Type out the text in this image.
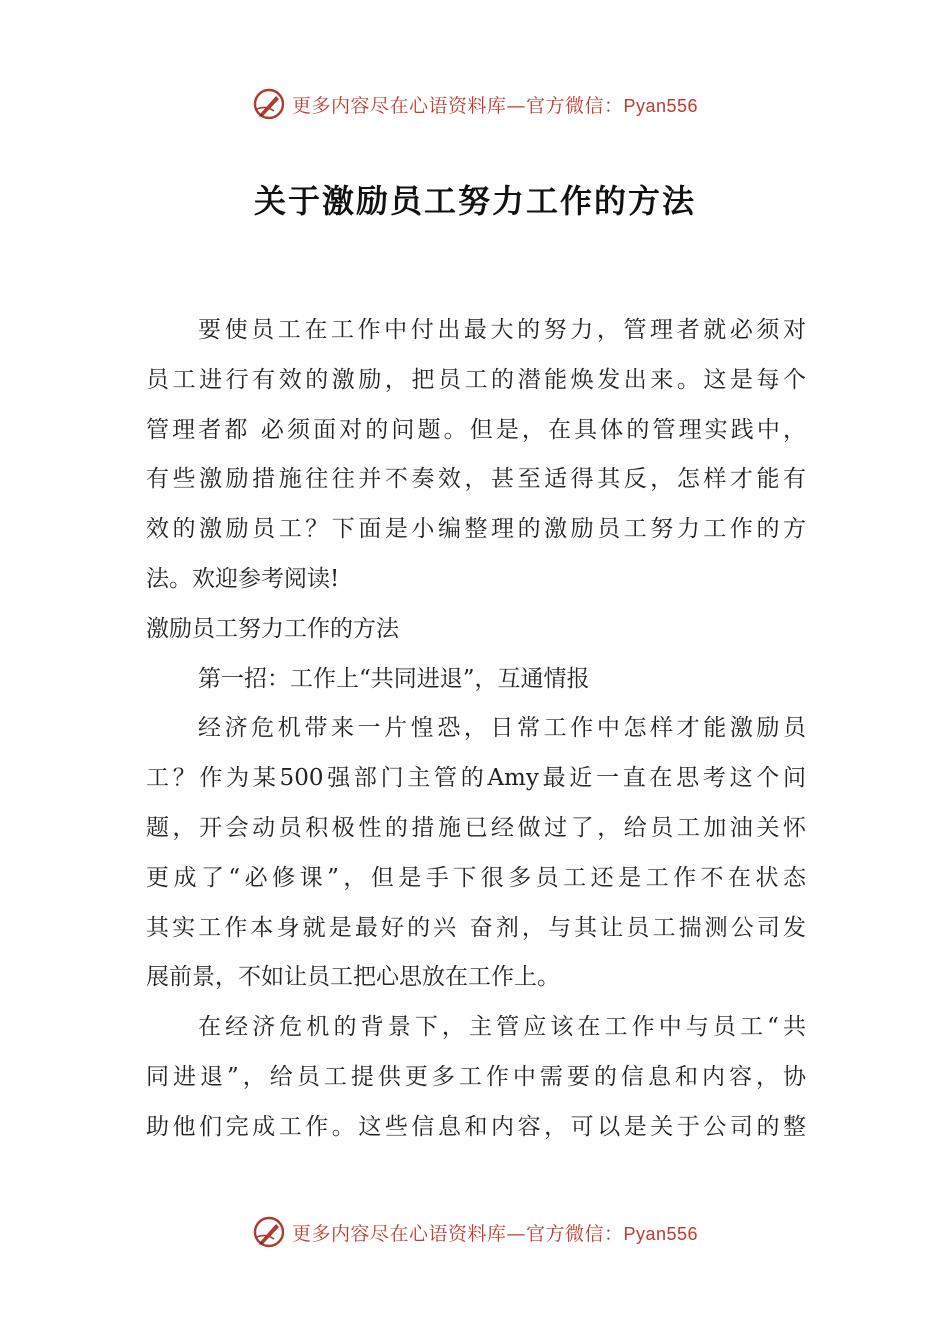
更多内容尽在心语资料库—官方微信：Pyan556
关于激励员工努力工作的方法
要使员工在工作中付出最大的努力，管理者就必须对
员工进行有效的激励，把员工的潜能焕发出来。这是每个
管理者都 必须面对的问题。但是，在具体的管理实践中，
有些激励措施往往并不奏效，甚至适得其反，怎样才能有
效的激励员工？下面是小编整理的激励员工努力工作的方
法。欢迎参考阅读!
激励员工努力工作的方法
第一招：工作上“共同进退”，互通情报
经济危机带来一片惶恐，日常工作中怎样才能激励员
工？作为某500强部门主管的Amy最近一直在思考这个问
题，开会动员积极性的措施已经做过了，给员工加油关怀
更成了“必修课”，但是手下很多员工还是工作不在状态
其实工作本身就是最好的兴 奋剂，与其让员工揣测公司发
展前景，不如让员工把心思放在工作上。
在经济危机的背景下，主管应该在工作中与员工“共
同进退”，给员工提供更多工作中需要的信息和内容，协
助他们完成工作。这些信息和内容，可以是关于公司的整
更多内容尽在心语资料库—官方微信：Pyan556
